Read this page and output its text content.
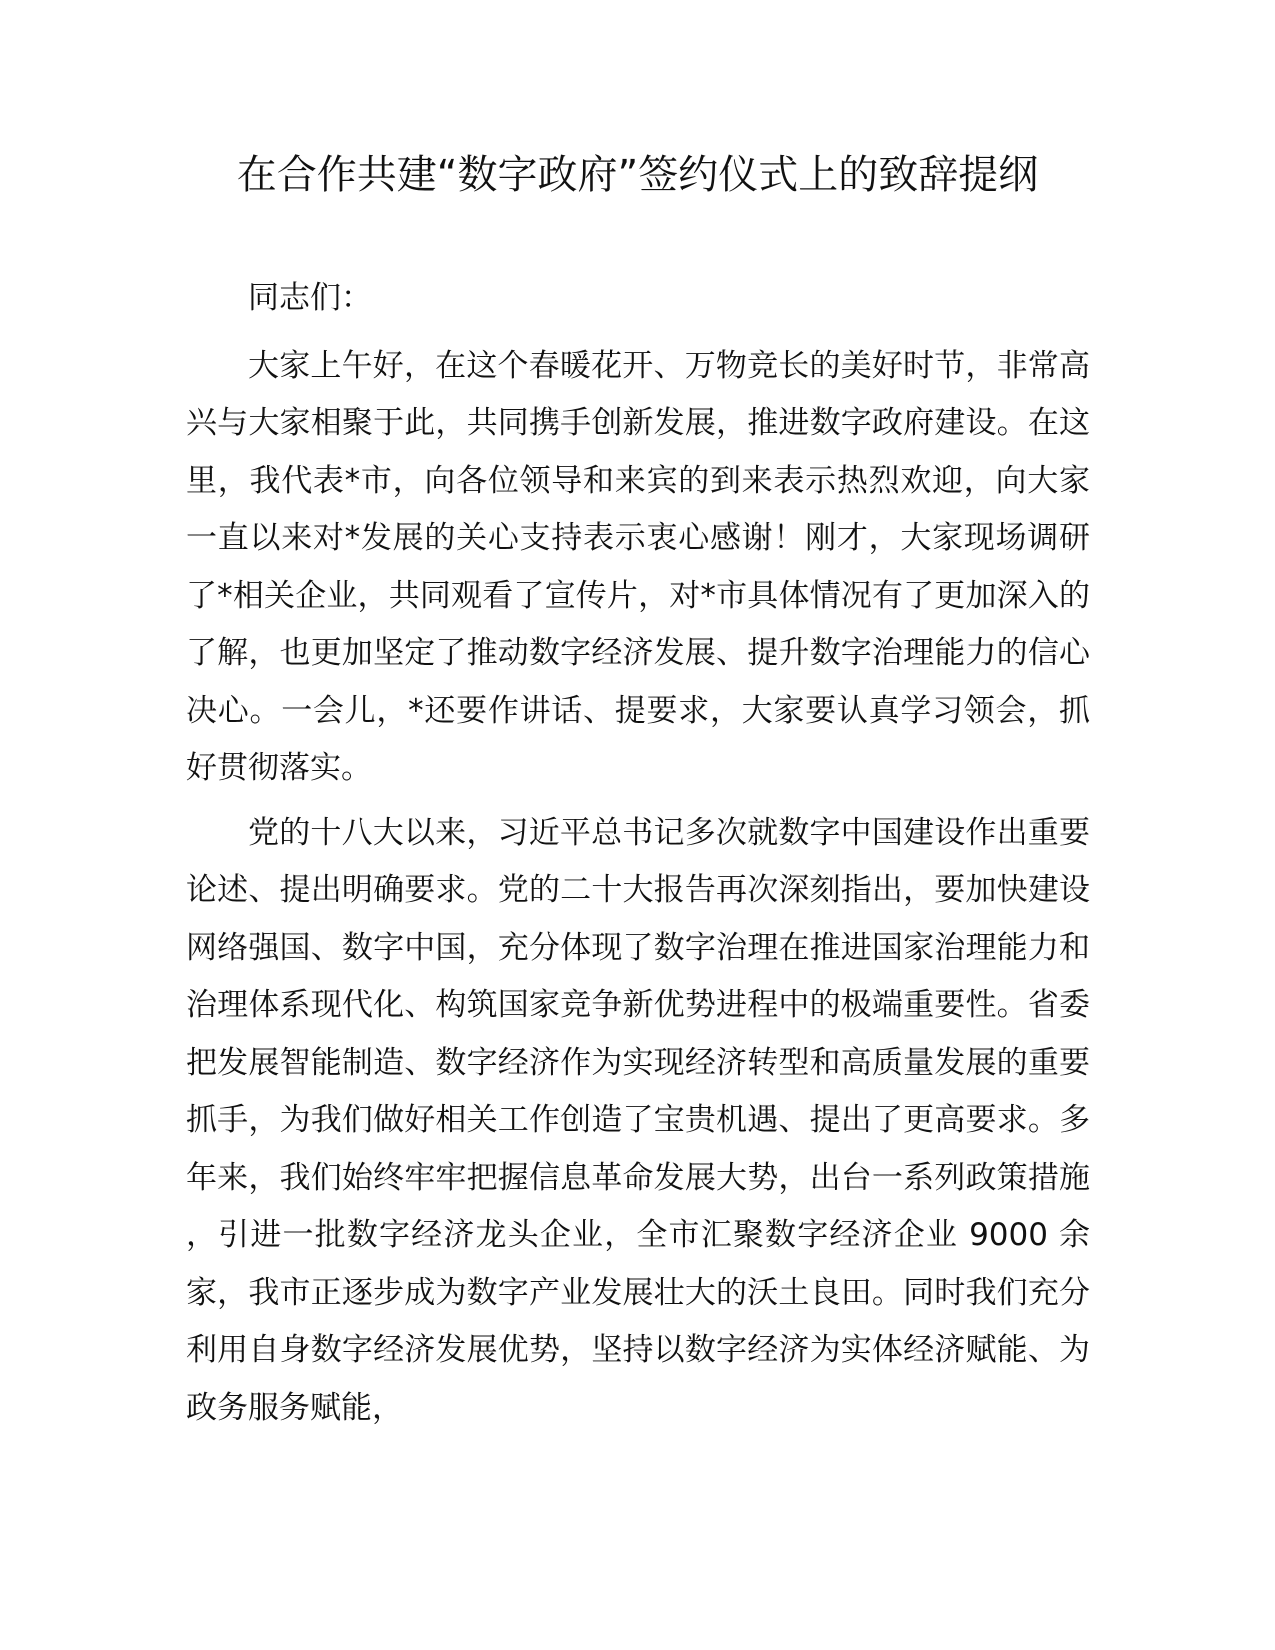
在合作共建“数字政府”签约仪式上的致辞提纲

同志们：

大家上午好，在这个春暖花开、万物竞长的美好时节，非常高兴与大家相聚于此，共同携手创新发展，推进数字政府建设。在这里，我代表*市，向各位领导和来宾的到来表示热烈欢迎，向大家一直以来对*发展的关心支持表示衷心感谢！刚才，大家现场调研了*相关企业，共同观看了宣传片，对*市具体情况有了更加深入的了解，也更加坚定了推动数字经济发展、提升数字治理能力的信心决心。一会儿，*还要作讲话、提要求，大家要认真学习领会，抓好贯彻落实。

党的十八大以来，习近平总书记多次就数字中国建设作出重要论述、提出明确要求。党的二十大报告再次深刻指出，要加快建设网络强国、数字中国，充分体现了数字治理在推进国家治理能力和治理体系现代化、构筑国家竞争新优势进程中的极端重要性。省委把发展智能制造、数字经济作为实现经济转型和高质量发展的重要抓手，为我们做好相关工作创造了宝贵机遇、提出了更高要求。多年来，我们始终牢牢把握信息革命发展大势，出台一系列政策措施，引进一批数字经济龙头企业，全市汇聚数字经济企业 9000 余家，我市正逐步成为数字产业发展壮大的沃土良田。同时我们充分利用自身数字经济发展优势，坚持以数字经济为实体经济赋能、为政务服务赋能，
